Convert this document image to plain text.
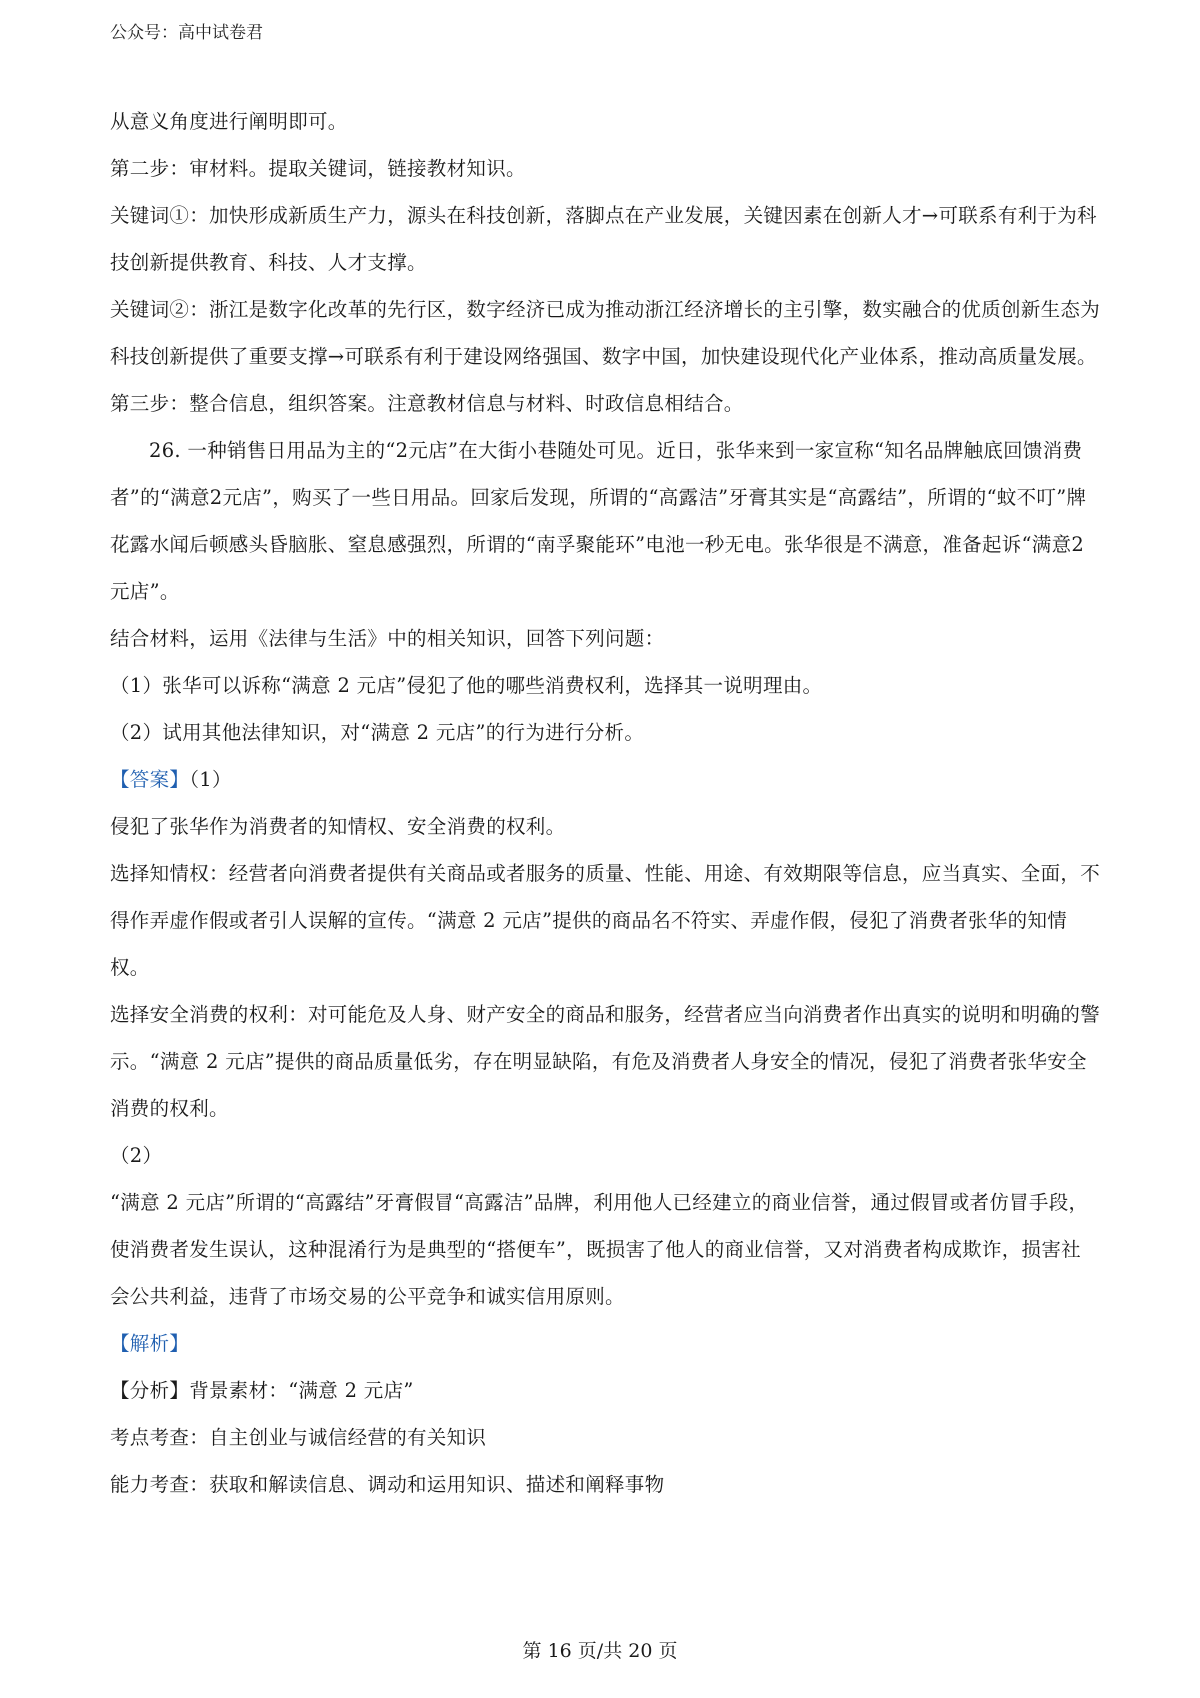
公众号：高中试卷君

从意义角度进行阐明即可。

第二步：审材料。提取关键词，链接教材知识。

关键词①：加快形成新质生产力，源头在科技创新，落脚点在产业发展，关键因素在创新人才→可联系有利于为科技创新提供教育、科技、人才支撑。

关键词②：浙江是数字化改革的先行区，数字经济已成为推动浙江经济增长的主引擎，数实融合的优质创新生态为科技创新提供了重要支撑→可联系有利于建设网络强国、数字中国，加快建设现代化产业体系，推动高质量发展。

第三步：整合信息，组织答案。注意教材信息与材料、时政信息相结合。

26. 一种销售日用品为主的“2元店”在大街小巷随处可见。近日，张华来到一家宣称“知名品牌触底回馈消费者”的“满意2元店”，购买了一些日用品。回家后发现，所谓的“高露洁”牙膏其实是“高露结”，所谓的“蚊不叮”牌花露水闻后顿感头昏脑胀、窒息感强烈，所谓的“南孚聚能环”电池一秒无电。张华很是不满意，准备起诉“满意2元店”。

结合材料，运用《法律与生活》中的相关知识，回答下列问题：

（1）张华可以诉称“满意 2 元店”侵犯了他的哪些消费权利，选择其一说明理由。

（2）试用其他法律知识，对“满意 2 元店”的行为进行分析。

【答案】（1）

侵犯了张华作为消费者的知情权、安全消费的权利。

选择知情权：经营者向消费者提供有关商品或者服务的质量、性能、用途、有效期限等信息，应当真实、全面，不得作弄虚作假或者引人误解的宣传。“满意 2 元店”提供的商品名不符实、弄虚作假，侵犯了消费者张华的知情权。

选择安全消费的权利：对可能危及人身、财产安全的商品和服务，经营者应当向消费者作出真实的说明和明确的警示。“满意 2 元店”提供的商品质量低劣，存在明显缺陷，有危及消费者人身安全的情况，侵犯了消费者张华安全消费的权利。

（2）

“满意 2 元店”所谓的“高露结”牙膏假冒“高露洁”品牌，利用他人已经建立的商业信誉，通过假冒或者仿冒手段，使消费者发生误认，这种混淆行为是典型的“搭便车”，既损害了他人的商业信誉，又对消费者构成欺诈，损害社会公共利益，违背了市场交易的公平竞争和诚实信用原则。

【解析】

【分析】背景素材：“满意 2 元店”

考点考查：自主创业与诚信经营的有关知识

能力考查：获取和解读信息、调动和运用知识、描述和阐释事物

第 16 页/共 20 页
